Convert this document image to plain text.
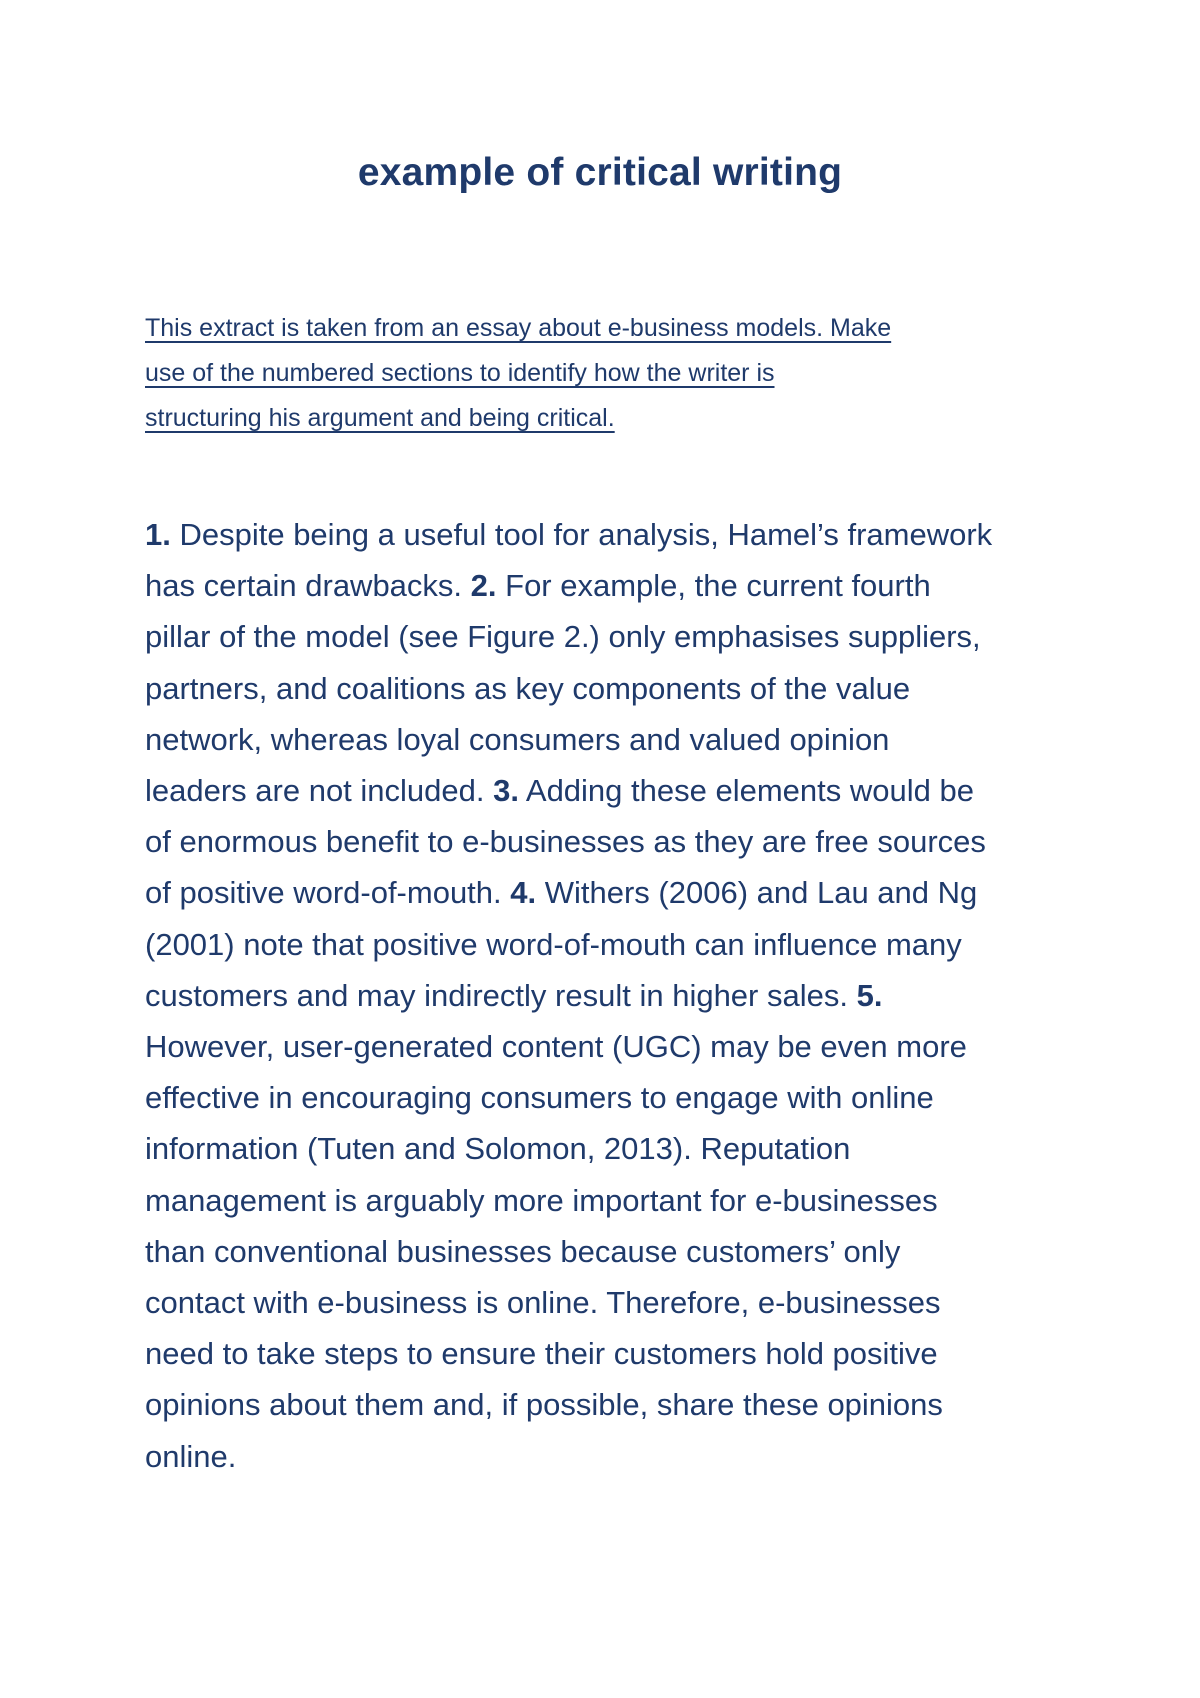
example of critical writing
This extract is taken from an essay about e-business models. Make
use of the numbered sections to identify how the writer is
structuring his argument and being critical.
1. Despite being a useful tool for analysis, Hamel’s framework
has certain drawbacks. 2. For example, the current fourth
pillar of the model (see Figure 2.) only emphasises suppliers,
partners, and coalitions as key components of the value
network, whereas loyal consumers and valued opinion
leaders are not included. 3. Adding these elements would be
of enormous benefit to e-businesses as they are free sources
of positive word-of-mouth. 4. Withers (2006) and Lau and Ng
(2001) note that positive word-of-mouth can influence many
customers and may indirectly result in higher sales. 5.
However, user-generated content (UGC) may be even more
effective in encouraging consumers to engage with online
information (Tuten and Solomon, 2013). Reputation
management is arguably more important for e-businesses
than conventional businesses because customers’ only
contact with e-business is online. Therefore, e-businesses
need to take steps to ensure their customers hold positive
opinions about them and, if possible, share these opinions
online.
